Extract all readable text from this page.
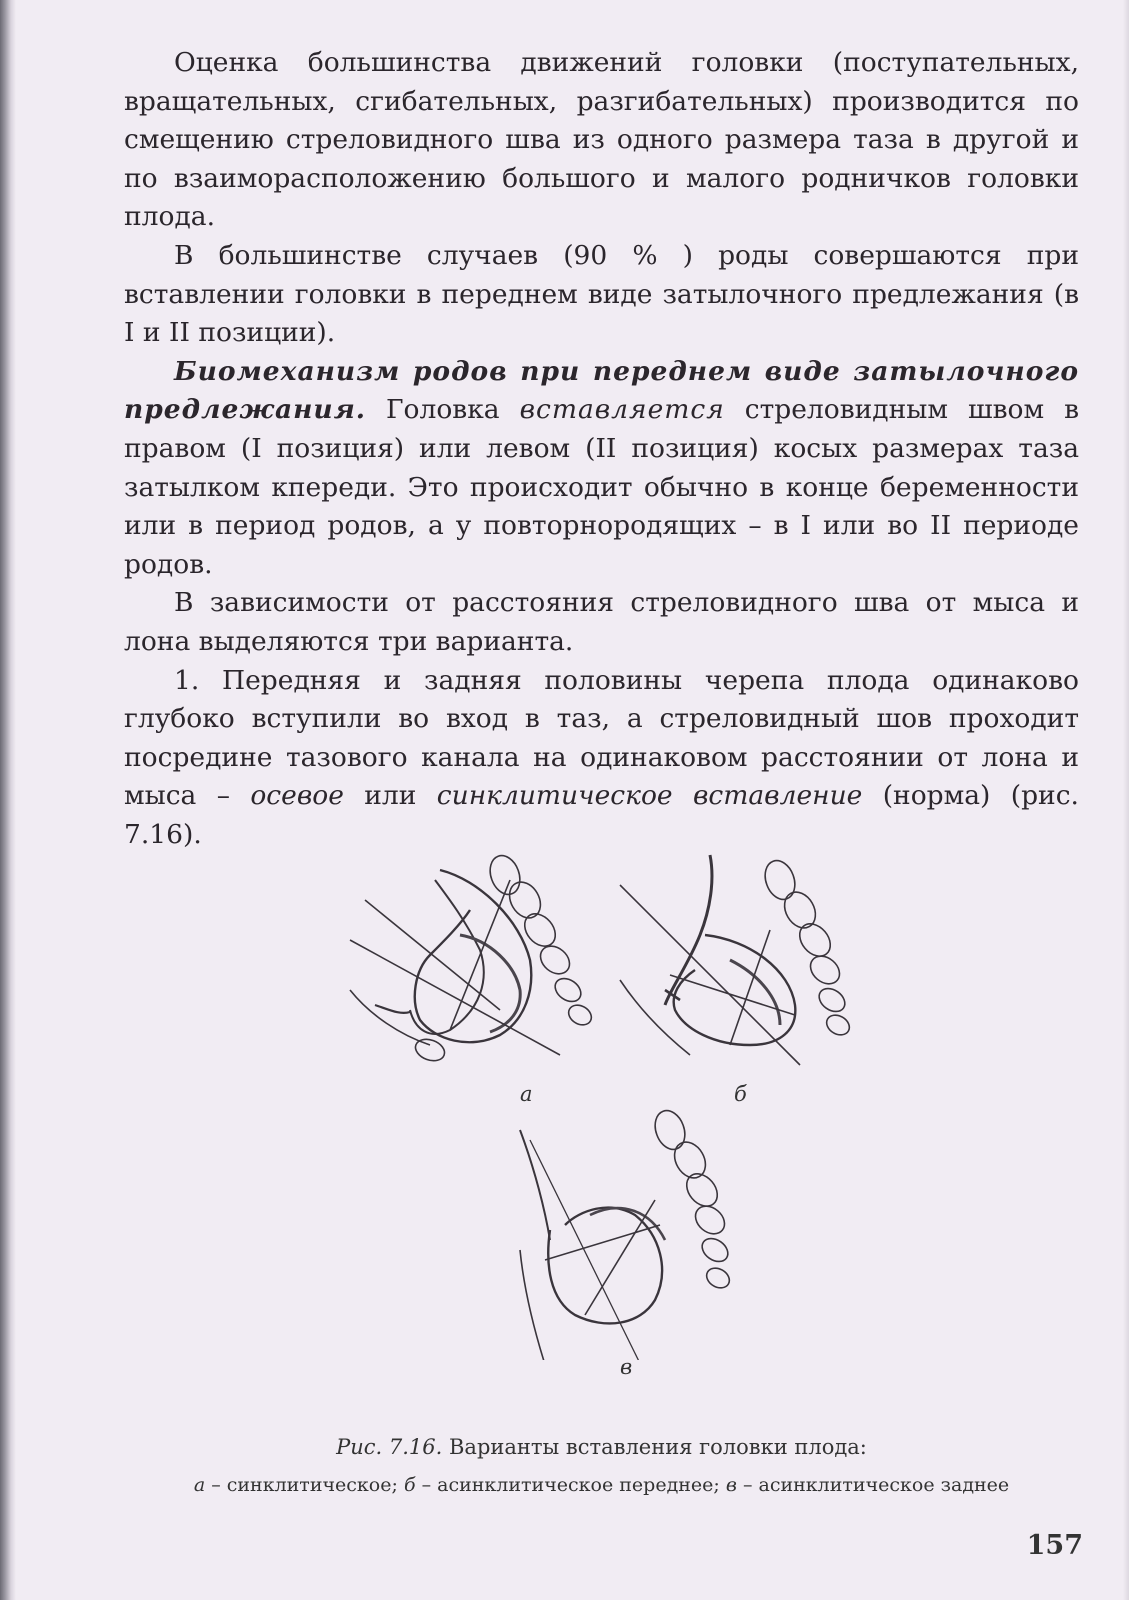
Оценка большинства движений головки (поступательных, вращательных, сгибательных, разгибательных) производится по смещению стреловидного шва из одного размера таза в другой и по взаиморасположению большого и малого родничков головки плода.

В большинстве случаев (90 % ) роды совершаются при вставлении головки в переднем виде затылочного предлежания (в I и II позиции).

Биомеханизм родов при переднем виде затылочного предлежания. Головка вставляется стреловидным швом в правом (I позиция) или левом (II позиция) косых размерах таза затылком кпереди. Это происходит обычно в конце беременности или в период родов, а у повторнородящих – в I или во II периоде родов.

В зависимости от расстояния стреловидного шва от мыса и лона выделяются три варианта.

1. Передняя и задняя половины черепа плода одинаково глубоко вступили во вход в таз, а стреловидный шов проходит посредине тазового канала на одинаковом расстоянии от лона и мыса – осевое или синклитическое вставление (норма) (рис. 7.16).

а	б
в
Рис. 7.16. Варианты вставления головки плода:
а – синклитическое; б – асинклитическое переднее; в – асинклитическое заднее
157
